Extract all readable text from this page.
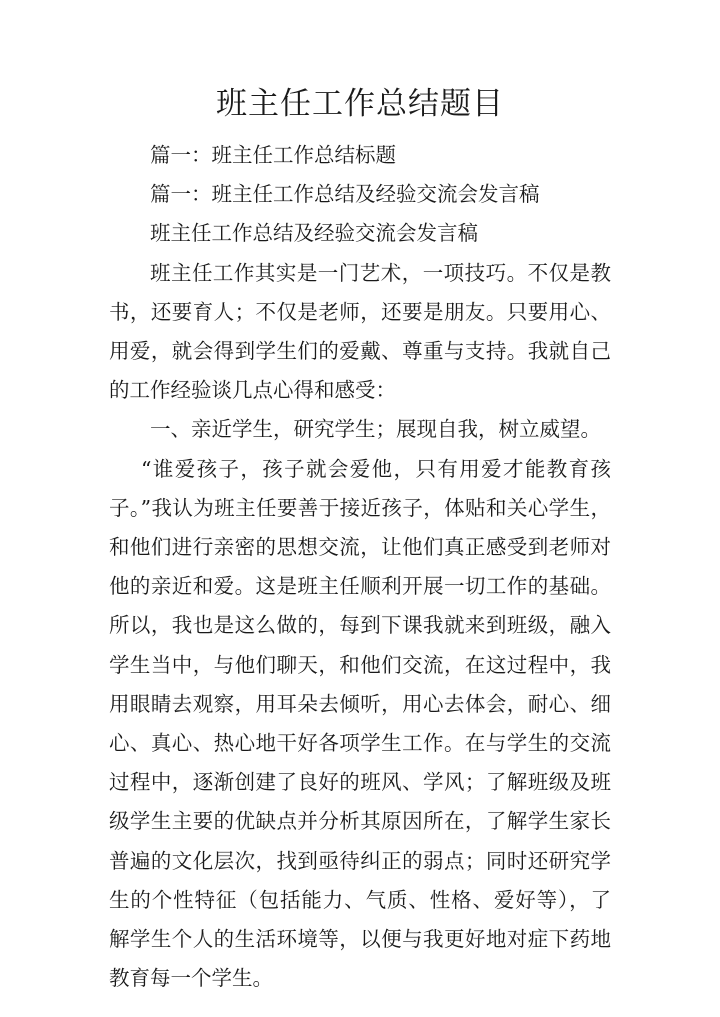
班主任工作总结题目

篇一：班主任工作总结标题

篇一：班主任工作总结及经验交流会发言稿

班主任工作总结及经验交流会发言稿

班主任工作其实是一门艺术，一项技巧。不仅是教书，还要育人；不仅是老师，还要是朋友。只要用心、用爱，就会得到学生们的爱戴、尊重与支持。我就自己的工作经验谈几点心得和感受：

一、亲近学生，研究学生；展现自我，树立威望。

“谁爱孩子，孩子就会爱他，只有用爱才能教育孩子。”我认为班主任要善于接近孩子，体贴和关心学生，和他们进行亲密的思想交流，让他们真正感受到老师对他的亲近和爱。这是班主任顺利开展一切工作的基础。所以，我也是这么做的，每到下课我就来到班级，融入学生当中，与他们聊天，和他们交流，在这过程中，我用眼睛去观察，用耳朵去倾听，用心去体会，耐心、细心、真心、热心地干好各项学生工作。在与学生的交流过程中，逐渐创建了良好的班风、学风；了解班级及班级学生主要的优缺点并分析其原因所在，了解学生家长普遍的文化层次，找到亟待纠正的弱点；同时还研究学生的个性特征（包括能力、气质、性格、爱好等），了解学生个人的生活环境等，以便与我更好地对症下药地教育每一个学生。
